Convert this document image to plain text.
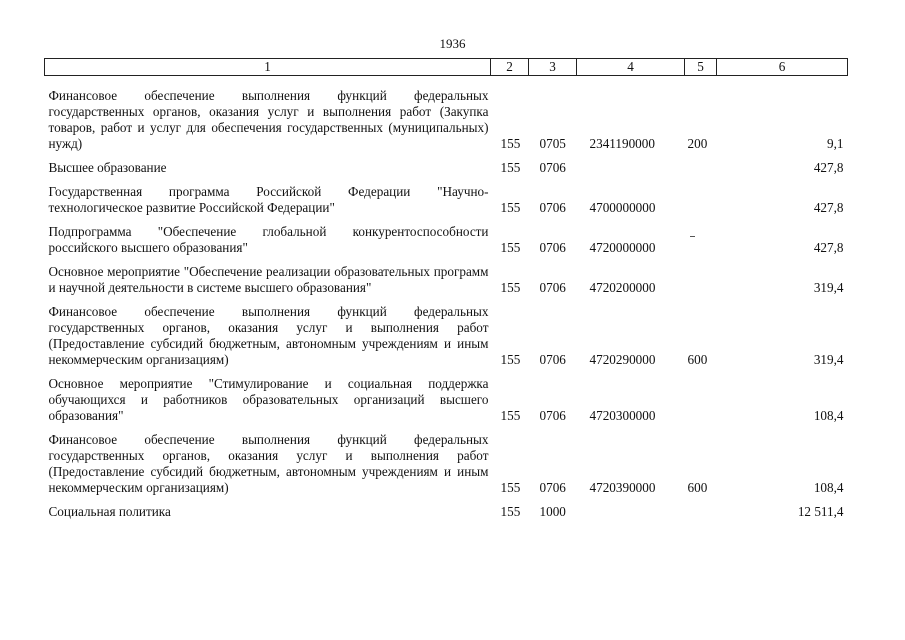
1936
1	2	3	4	5	6

Финансовое обеспечение выполнения функций федеральных государственных органов, оказания услуг и выполнения работ (Закупка товаров, работ и услуг для обеспечения государственных (муниципальных) нужд)	155	0705	2341190000	200	9,1
Высшее образование	155	0706			427,8
Государственная программа Российской Федерации "Научно-технологическое развитие Российской Федерации"	155	0706	4700000000		427,8
Подпрограмма "Обеспечение глобальной конкурентоспособности российского высшего образования"	155	0706	4720000000		427,8
Основное мероприятие "Обеспечение реализации образовательных программ и научной деятельности в системе высшего образования"	155	0706	4720200000		319,4
Финансовое обеспечение выполнения функций федеральных государственных органов, оказания услуг и выполнения работ (Предоставление субсидий бюджетным, автономным учреждениям и иным некоммерческим организациям)	155	0706	4720290000	600	319,4
Основное мероприятие "Стимулирование и социальная поддержка обучающихся и работников образовательных организаций высшего образования"	155	0706	4720300000		108,4
Финансовое обеспечение выполнения функций федеральных государственных органов, оказания услуг и выполнения работ (Предоставление субсидий бюджетным, автономным учреждениям и иным некоммерческим организациям)	155	0706	4720390000	600	108,4
Социальная политика	155	1000			12 511,4
